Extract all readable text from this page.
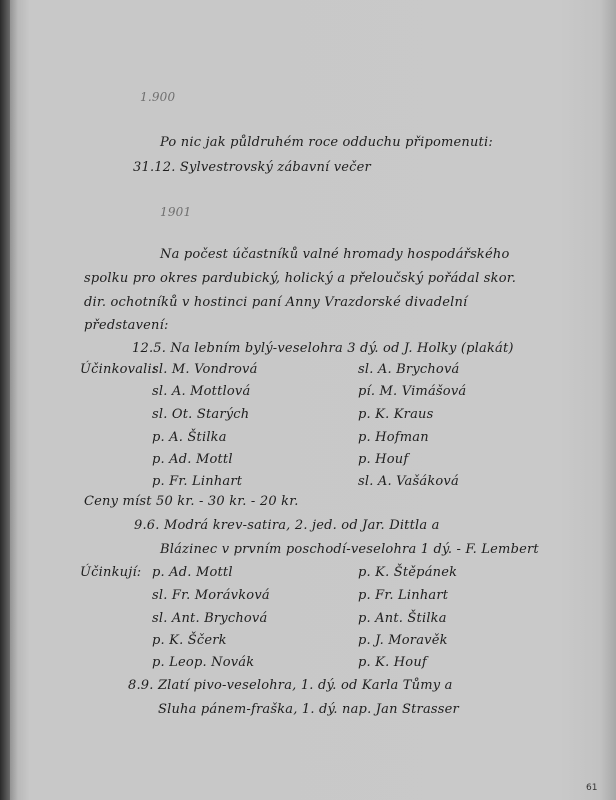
1.900
Po nic jak půldruhém roce odduchu připomenuti:
31.12. Sylvestrovský zábavní večer
1901
Na počest účastníků valné hromady hospodářského
spolku pro okres pardubický, holický a přeloučský pořádal skor.
dir. ochotníků v hostinci paní Anny Vrazdorské divadelní
představení:
12.5. Na lebním bylý-veselohra 3 dý. od J. Holky (plakát)
Účinkovali:
sl. M. Vondrová	sl. A. Brychová
sl. A. Mottlová	pí. M. Vimášová
sl. Ot. Starých	p. K. Kraus
p. A. Štilka	p. Hofman
p. Ad. Mottl	p. Houf
p. Fr. Linhart	sl. A. Vašáková
Ceny míst 50 kr. - 30 kr. - 20 kr.
9.6. Modrá krev-satira, 2. jed. od Jar. Dittla a
Blázinec v prvním poschodí-veselohra 1 dý. - F. Lembert
Účinkují: p. Ad. Mottl	p. K. Štěpánek
sl. Fr. Morávková	p. Fr. Linhart
sl. Ant. Brychová	p. Ant. Štilka
p. K. Ščerk	p. J. Moravěk
p. Leop. Novák	p. K. Houf
8.9. Zlatí pivo-veselohra, 1. dý. od Karla Tůmy a
Sluha pánem-fraška, 1. dý. nap. Jan Strasser
61
